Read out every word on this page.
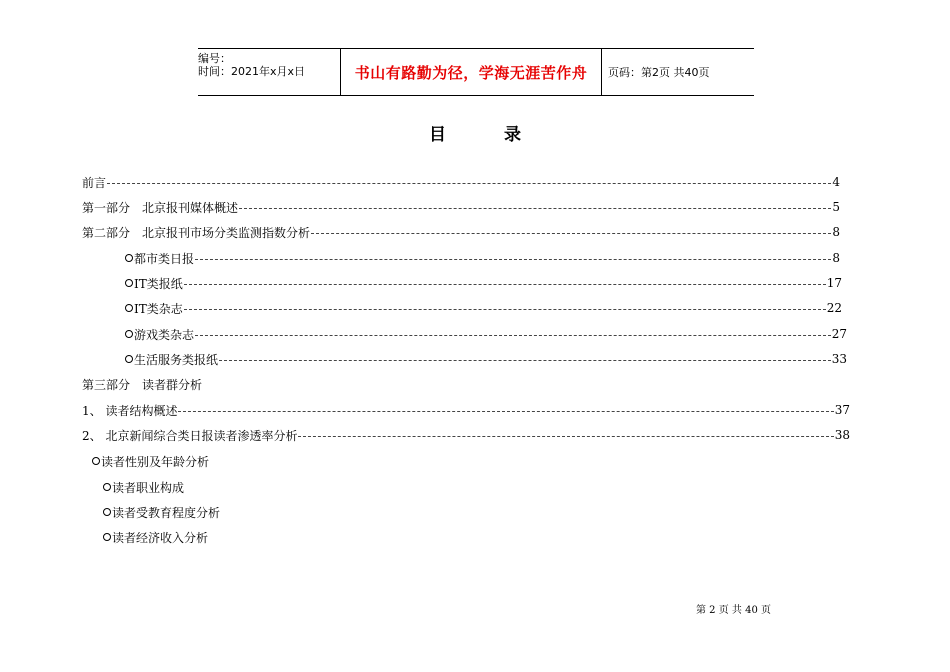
编号：
时间：2021年x月x日	书山有路勤为径，学海无涯苦作舟	页码：第2页 共40页
目	录
前言	4
第一部分　北京报刊媒体概述	5
第二部分　北京报刊市场分类监测指数分析	8
都市类日报	8
IT类报纸	17
IT类杂志	22
游戏类杂志	27
生活服务类报纸	33
第三部分　读者群分析
1、 读者结构概述	37
2、 北京新闻综合类日报读者渗透率分析	38
读者性别及年龄分析
读者职业构成
读者受教育程度分析
读者经济收入分析
第 2 页 共 40 页
